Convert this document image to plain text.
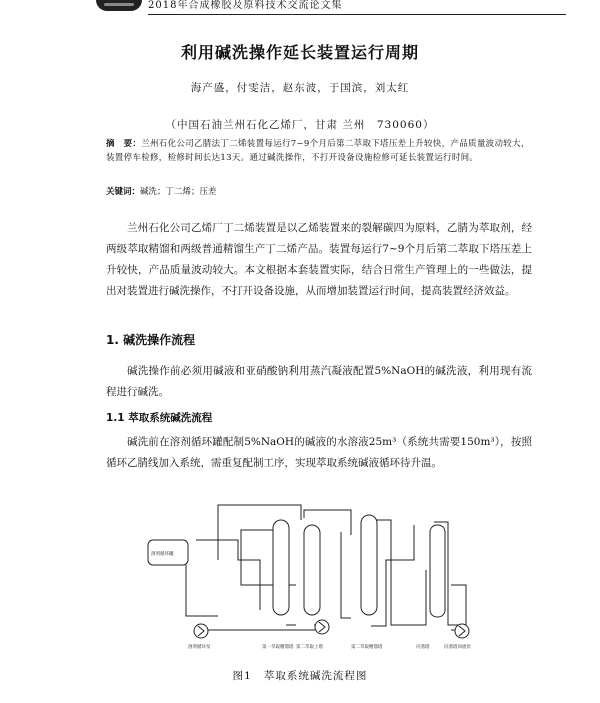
2018年合成橡胶及原料技术交流论文集
利用碱洗操作延长装置运行周期
海产盛，付雯洁，赵东波，于国滨，刘太红
（中国石油兰州石化乙烯厂，甘肃 兰州　730060）
摘　要：兰州石化公司乙腈法丁二烯装置每运行7~9个月后第二萃取下塔压差上升较快，产品质量波动较大，装置停车检修，检修时间长达13天。通过碱洗操作，不打开设备设施检修可延长装置运行时间。
关键词：碱洗；丁二烯；压差
兰州石化公司乙烯厂丁二烯装置是以乙烯装置来的裂解碳四为原料，乙腈为萃取剂，经两级萃取精馏和两级普通精馏生产丁二烯产品。装置每运行7~9个月后第二萃取下塔压差上升较快，产品质量波动较大。本文根据本套装置实际，结合日常生产管理上的一些做法，提出对装置进行碱洗操作，不打开设备设施，从而增加装置运行时间，提高装置经济效益。
1. 碱洗操作流程
碱洗操作前必须用碱液和亚硝酸钠利用蒸汽凝液配置5%NaOH的碱洗液，利用现有流程进行碱洗。
1.1 萃取系统碱洗流程
碱洗前在溶剂循环罐配制5%NaOH的碱液的水溶液25m³（系统共需要150m³），按照循环乙腈线加入系统，需重复配制工序，实现萃取系统碱液循环待升温。
溶剂循环罐
溶剂循环泵	第一萃取精馏塔 第二萃取上塔	第二萃取精馏塔	闪蒸塔	闪蒸塔回流泵
图1 萃取系统碱洗流程图
